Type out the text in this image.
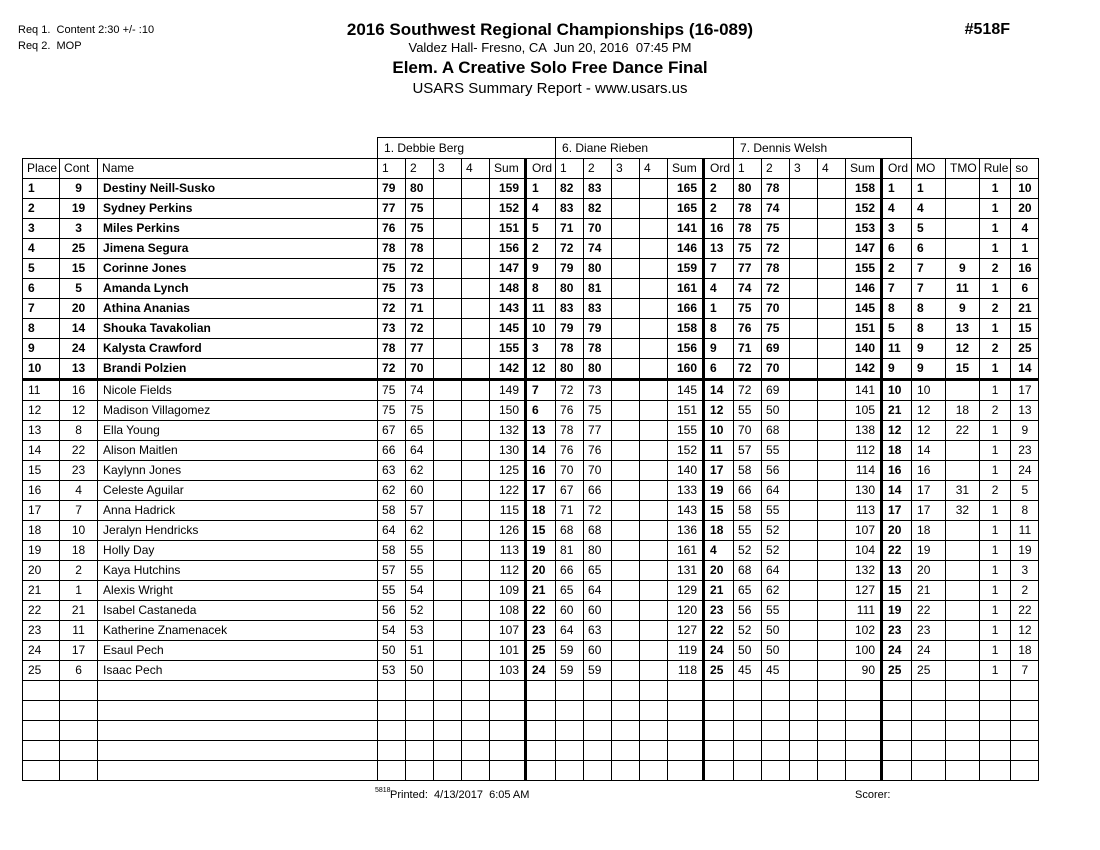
Req 1.  Content 2:30 +/- :10
Req 2.  MOP
2016 Southwest Regional Championships (16-089)	#518F
Valdez Hall- Fresno, CA  Jun 20, 2016  07:45 PM
Elem. A Creative Solo Free Dance Final
USARS Summary Report - www.usars.us
			1. Debbie Berg						6. Diane Rieben						7. Dennis Welsh									
Place	Cont	Name	1	2	3	4	Sum	Ord	1	2	3	4	Sum	Ord	1	2	3	4	Sum	Ord	MO	TMO	Rule	so
1	9	Destiny Neill-Susko	79	80			159	1	82	83			165	2	80	78			158	1	1		1	10
2	19	Sydney Perkins	77	75			152	4	83	82			165	2	78	74			152	4	4		1	20
3	3	Miles Perkins	76	75			151	5	71	70			141	16	78	75			153	3	5		1	4
4	25	Jimena Segura	78	78			156	2	72	74			146	13	75	72			147	6	6		1	1
5	15	Corinne Jones	75	72			147	9	79	80			159	7	77	78			155	2	7	9	2	16
6	5	Amanda Lynch	75	73			148	8	80	81			161	4	74	72			146	7	7	11	1	6
7	20	Athina Ananias	72	71			143	11	83	83			166	1	75	70			145	8	8	9	2	21
8	14	Shouka Tavakolian	73	72			145	10	79	79			158	8	76	75			151	5	8	13	1	15
9	24	Kalysta Crawford	78	77			155	3	78	78			156	9	71	69			140	11	9	12	2	25
10	13	Brandi Polzien	72	70			142	12	80	80			160	6	72	70			142	9	9	15	1	14
11	16	Nicole Fields	75	74			149	7	72	73			145	14	72	69			141	10	10		1	17
12	12	Madison Villagomez	75	75			150	6	76	75			151	12	55	50			105	21	12	18	2	13
13	8	Ella Young	67	65			132	13	78	77			155	10	70	68			138	12	12	22	1	9
14	22	Alison Maitlen	66	64			130	14	76	76			152	11	57	55			112	18	14		1	23
15	23	Kaylynn Jones	63	62			125	16	70	70			140	17	58	56			114	16	16		1	24
16	4	Celeste Aguilar	62	60			122	17	67	66			133	19	66	64			130	14	17	31	2	5
17	7	Anna Hadrick	58	57			115	18	71	72			143	15	58	55			113	17	17	32	1	8
18	10	Jeralyn Hendricks	64	62			126	15	68	68			136	18	55	52			107	20	18		1	11
19	18	Holly Day	58	55			113	19	81	80			161	4	52	52			104	22	19		1	19
20	2	Kaya Hutchins	57	55			112	20	66	65			131	20	68	64			132	13	20		1	3
21	1	Alexis Wright	55	54			109	21	65	64			129	21	65	62			127	15	21		1	2
22	21	Isabel Castaneda	56	52			108	22	60	60			120	23	56	55			111	19	22		1	22
23	11	Katherine Znamenacek	54	53			107	23	64	63			127	22	52	50			102	23	23		1	12
24	17	Esaul Pech	50	51			101	25	59	60			119	24	50	50			100	24	24		1	18
25	6	Isaac Pech	53	50			103	24	59	59			118	25	45	45			90	25	25		1	7

5818 Printed:  4/13/2017  6:05 AM	Scorer:
